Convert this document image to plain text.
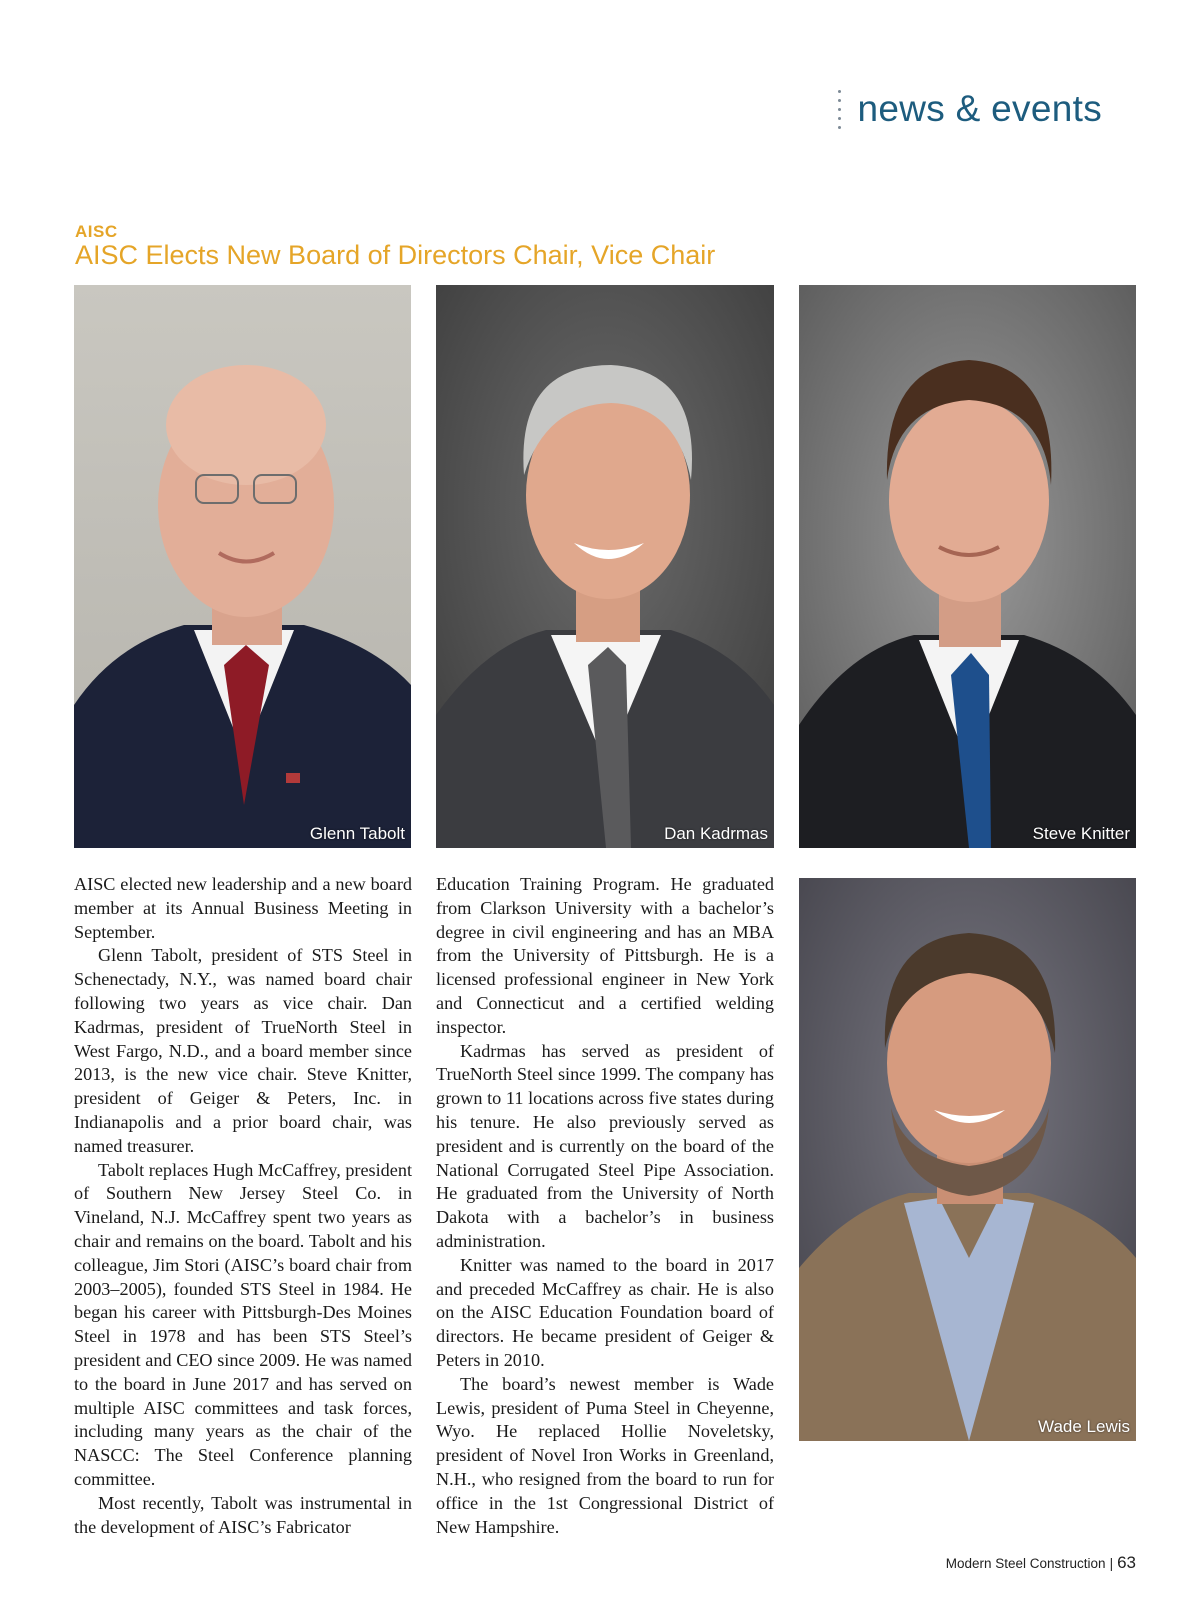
news & events
AISC
AISC Elects New Board of Directors Chair, Vice Chair
Glenn Tabolt	Dan Kadrmas	Steve Knitter
Wade Lewis

AISC elected new leadership and a new board member at its Annual Business Meeting in September.

Glenn Tabolt, president of STS Steel in Schenectady, N.Y., was named board chair following two years as vice chair. Dan Kadrmas, president of TrueNorth Steel in West Fargo, N.D., and a board member since 2013, is the new vice chair. Steve Knitter, president of Geiger & Peters, Inc. in Indianapolis and a prior board chair, was named treasurer.

Tabolt replaces Hugh McCaffrey, president of Southern New Jersey Steel Co. in Vineland, N.J. McCaffrey spent two years as chair and remains on the board. Tabolt and his colleague, Jim Stori (AISC’s board chair from 2003–2005), founded STS Steel in 1984. He began his career with Pittsburgh-Des Moines Steel in 1978 and has been STS Steel’s president and CEO since 2009. He was named to the board in June 2017 and has served on multiple AISC committees and task forces, including many years as the chair of the NASCC: The Steel Conference planning committee.

Most recently, Tabolt was instrumental in the development of AISC’s Fabricator

Education Training Program. He graduated from Clarkson University with a bachelor’s degree in civil engineering and has an MBA from the University of Pittsburgh. He is a licensed professional engineer in New York and Connecticut and a certified welding inspector.

Kadrmas has served as president of TrueNorth Steel since 1999. The company has grown to 11 locations across five states during his tenure. He also previously served as president and is currently on the board of the National Corrugated Steel Pipe Association. He graduated from the University of North Dakota with a bachelor’s in business administration.

Knitter was named to the board in 2017 and preceded McCaffrey as chair. He is also on the AISC Education Foundation board of directors. He became president of Geiger & Peters in 2010.

The board’s newest member is Wade Lewis, president of Puma Steel in Cheyenne, Wyo. He replaced Hollie Noveletsky, president of Novel Iron Works in Greenland, N.H., who resigned from the board to run for office in the 1st Congressional District of New Hampshire.

Modern Steel Construction | 63
